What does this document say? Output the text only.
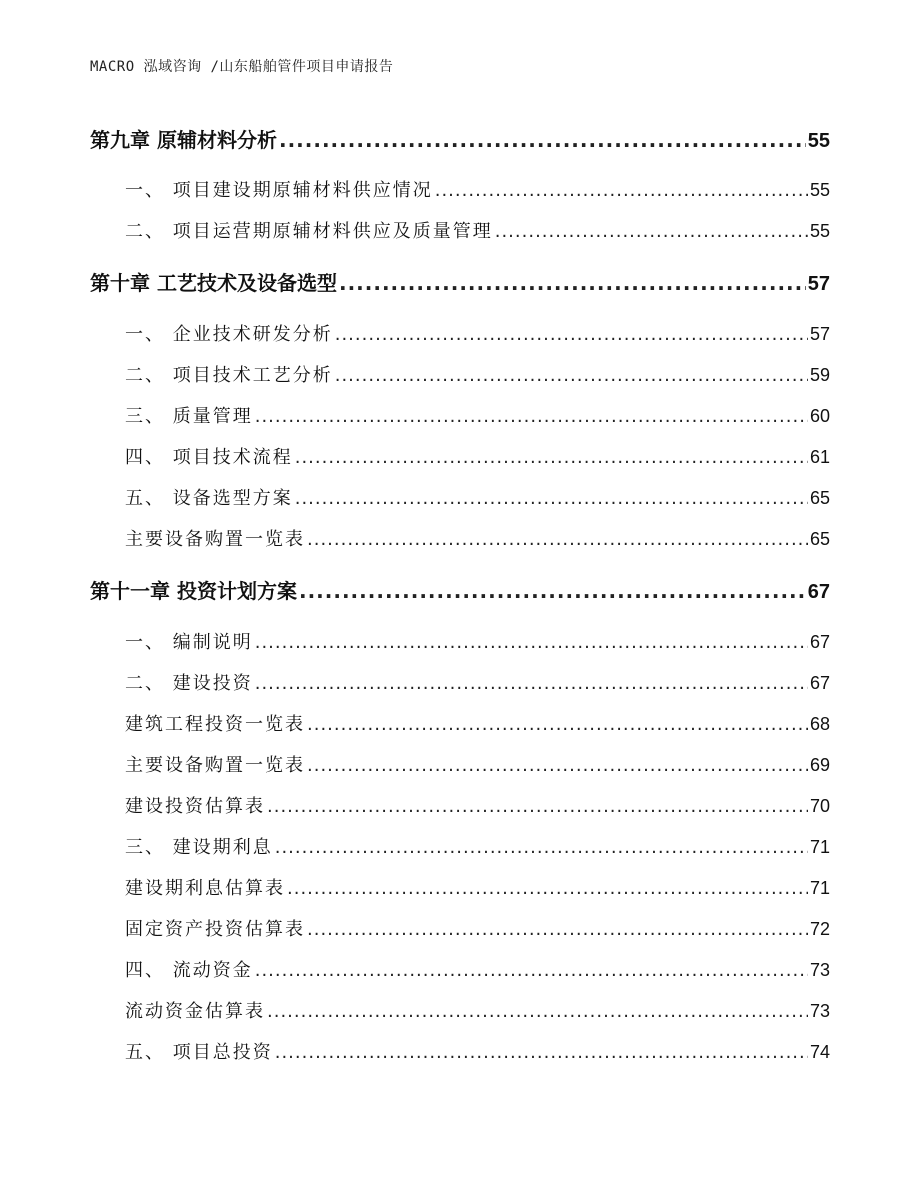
MACRO 泓域咨询 /山东船舶管件项目申请报告
第九章 原辅材料分析 .....	55
一、 项目建设期原辅材料供应情况 .....	55
二、 项目运营期原辅材料供应及质量管理 .....	55
第十章 工艺技术及设备选型 .....	57
一、 企业技术研发分析 .....	57
二、 项目技术工艺分析 .....	59
三、 质量管理 .....	60
四、 项目技术流程 .....	61
五、 设备选型方案 .....	65
主要设备购置一览表 .....	65
第十一章 投资计划方案 .....	67
一、 编制说明 .....	67
二、 建设投资 .....	67
建筑工程投资一览表 .....	68
主要设备购置一览表 .....	69
建设投资估算表 .....	70
三、 建设期利息 .....	71
建设期利息估算表 .....	71
固定资产投资估算表 .....	72
四、 流动资金 .....	73
流动资金估算表 .....	73
五、 项目总投资 .....	74
